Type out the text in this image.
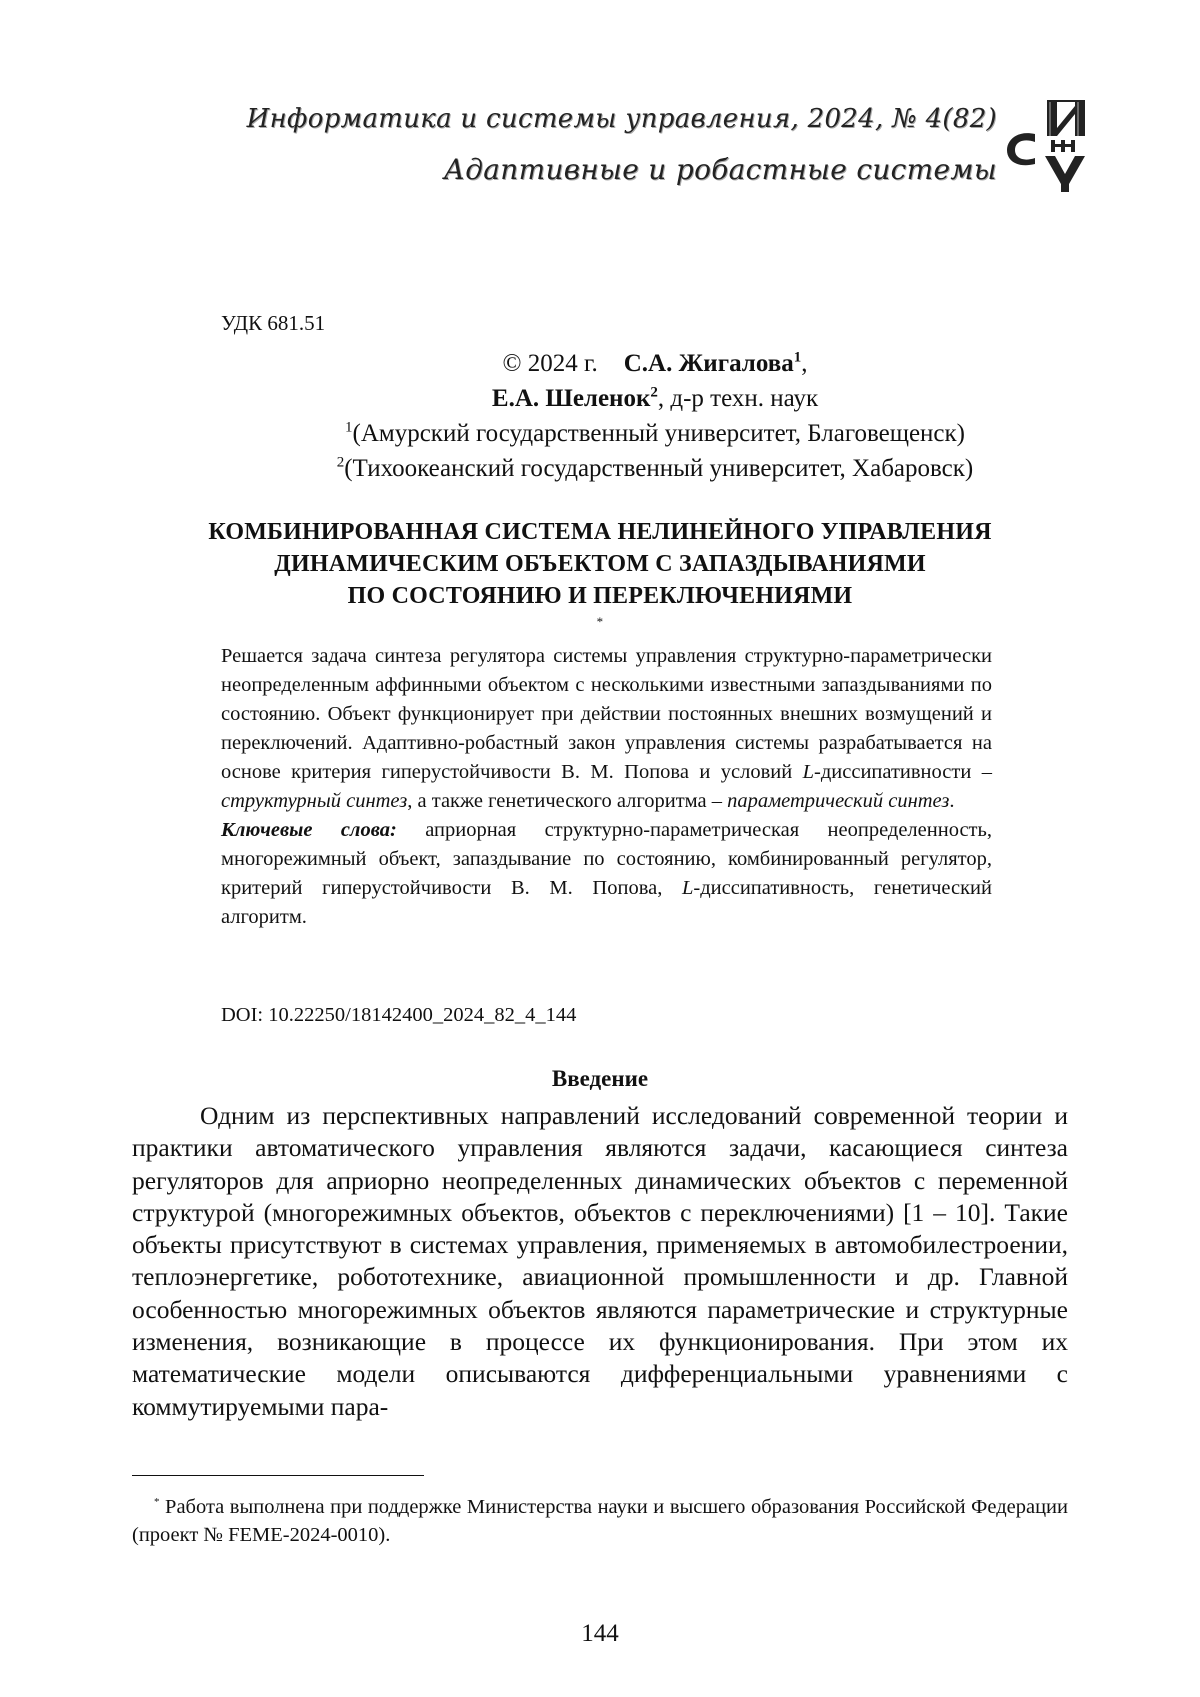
Информатика и системы управления, 2024, № 4(82)
Адаптивные и робастные системы
УДК 681.51
© 2024 г. С.А. Жигалова$^1$,
Е.А. Шеленок$^2$, д-р техн. наук
$^1$(Амурский государственный университет, Благовещенск)
$^2$(Тихоокеанский государственный университет, Хабаровск)
КОМБИНИРОВАННАЯ СИСТЕМА НЕЛИНЕЙНОГО УПРАВЛЕНИЯ
ДИНАМИЧЕСКИМ ОБЪЕКТОМ С ЗАПАЗДЫВАНИЯМИ
ПО СОСТОЯНИЮ И ПЕРЕКЛЮЧЕНИЯМИ
*

Решается задача синтеза регулятора системы управления структурно-параметрически неопределенным аффинными объектом с несколькими известными запаздываниями по состоянию. Объект функционирует при действии постоянных внешних возмущений и переключений. Адаптивно-робастный закон управления системы разрабатывается на основе критерия гиперустойчивости В. М. Попова и условий L-диссипативности – структурный синтез, а также генетического алгоритма – параметрический синтез.

Ключевые слова: априорная структурно-параметрическая неопределенность, многорежимный объект, запаздывание по состоянию, комбинированный регулятор, критерий гиперустойчивости В. М. Попова, L-диссипативность, генетический алгоритм.

DOI: 10.22250/18142400_2024_82_4_144
Введение

Одним из перспективных направлений исследований современной теории и практики автоматического управления являются задачи, касающиеся синтеза регуляторов для априорно неопределенных динамических объектов с переменной структурой (многорежимных объектов, объектов с переключениями) [1 – 10]. Такие объекты присутствуют в системах управления, применяемых в автомобилестроении, теплоэнергетике, робототехнике, авиационной промышленности и др. Главной особенностью многорежимных объектов являются параметрические и структурные изменения, возникающие в процессе их функционирования. При этом их математические модели описываются дифференциальными уравнениями с коммутируемыми пара-

* Работа выполнена при поддержке Министерства науки и высшего образования Российской Федерации (проект № FEME-2024-0010).

144
